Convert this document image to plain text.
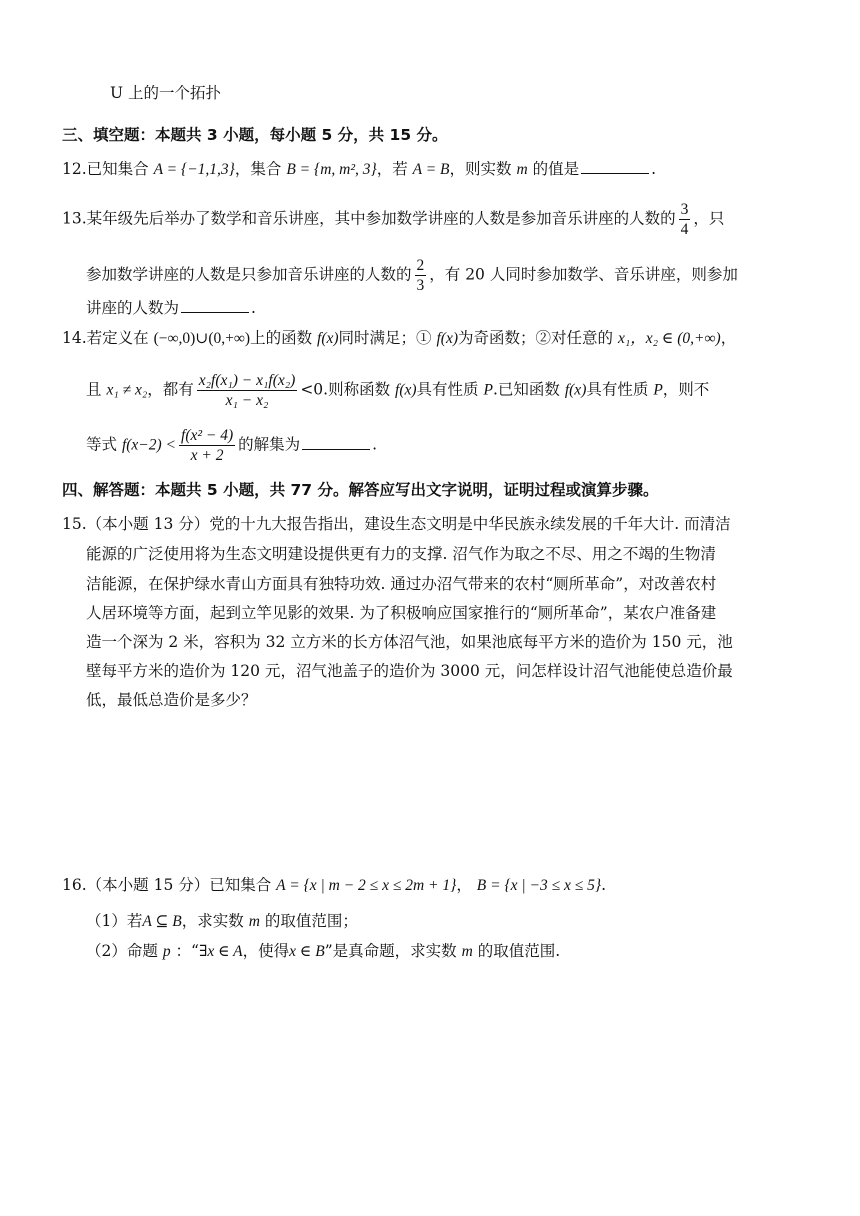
U 上的一个拓扑
三、填空题：本题共 3 小题，每小题 5 分，共 15 分。
12.已知集合 A = {−1,1,3}，集合 B = {m, m², 3}，若 A = B，则实数 m 的值是	.
13.某年级先后举办了数学和音乐讲座，其中参加数学讲座的人数是参加音乐讲座的人数的 $\frac{3}{4}$ ，只
参加数学讲座的人数是只参加音乐讲座的人数的 $\frac{2}{3}$ ，有 20 人同时参加数学、音乐讲座，则参加
讲座的人数为	.
14.若定义在 (−∞,0)∪(0,+∞)上的函数 f(x)同时满足；① f(x)为奇函数；②对任意的 x₁，x₂ ∈ (0,+∞)，
且 x₁ ≠ x₂，都有 $\frac{\text{x₂f(x₁) − x₁f(x₂)}}{\text{x₁ − x₂}} <0$.则称函数 f(x)具有性质 P.已知函数 f(x)具有性质 P，则不
等式 $f(x-2) < \frac{\text{f(x² − 4)}}{x + 2}$ 的解集为	.
四、解答题：本题共 5 小题，共 77 分。解答应写出文字说明，证明过程或演算步骤。
15.（本小题 13 分）党的十九大报告指出，建设生态文明是中华民族永续发展的千年大计. 而清洁
能源的广泛使用将为生态文明建设提供更有力的支撑. 沼气作为取之不尽、用之不竭的生物清
洁能源，在保护绿水青山方面具有独特功效. 通过办沼气带来的农村“厕所革命”，对改善农村
人居环境等方面，起到立竿见影的效果. 为了积极响应国家推行的“厕所革命”，某农户准备建
造一个深为 2 米，容积为 32 立方米的长方体沼气池，如果池底每平方米的造价为 150 元，池
壁每平方米的造价为 120 元，沼气池盖子的造价为 3000 元，问怎样设计沼气池能使总造价最
低，最低总造价是多少？
16.（本小题 15 分）已知集合 A = {x | m − 2 ≤ x ≤ 2m + 1}， B = {x | −3 ≤ x ≤ 5}.
（1）若A ⊆ B，求实数 m 的取值范围；
（2）命题 p ：“∃x ∈ A，使得x ∈ B”是真命题，求实数 m 的取值范围.
